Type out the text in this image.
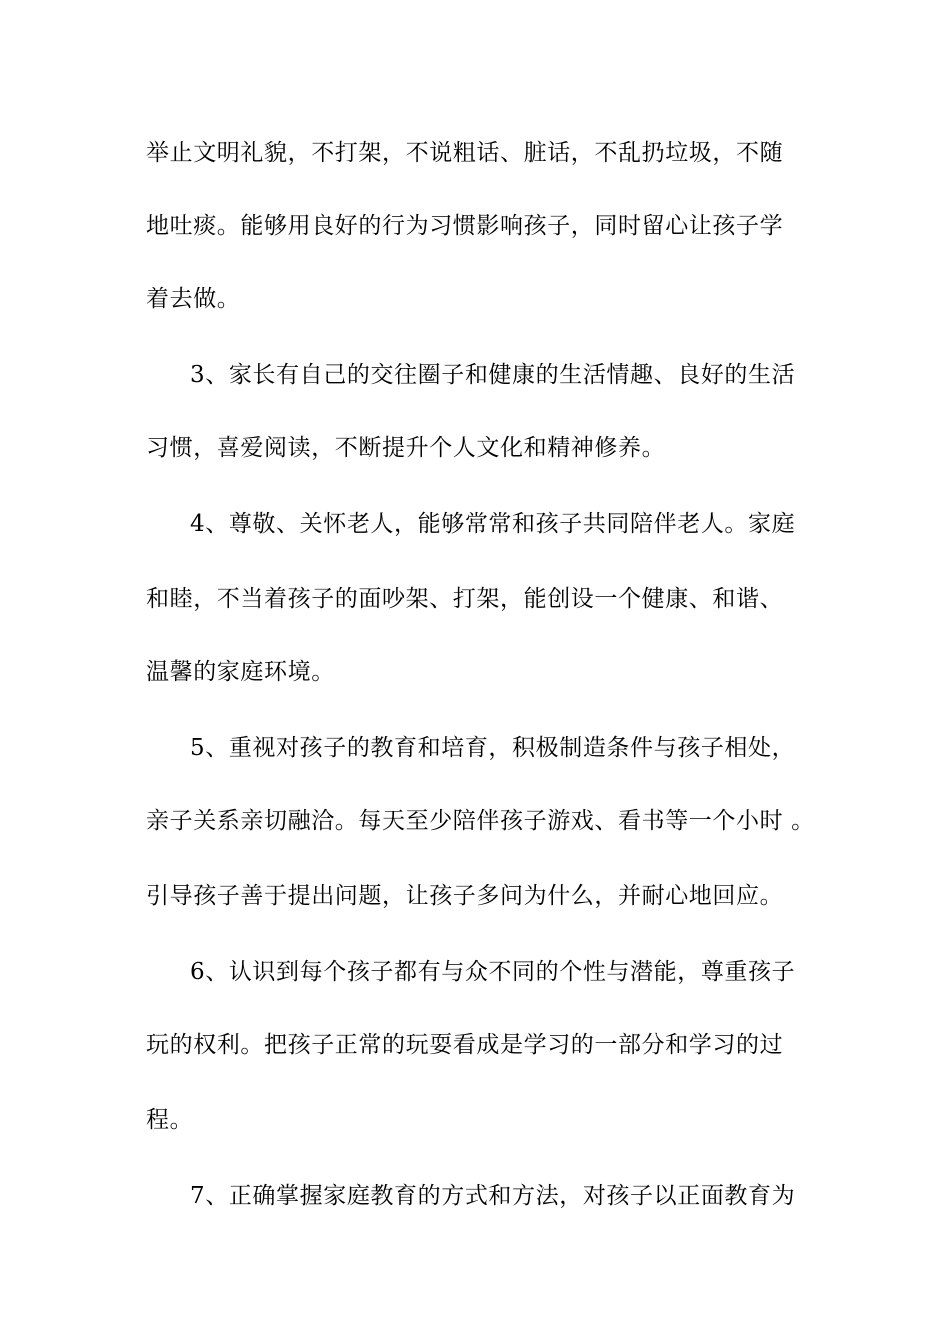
举止文明礼貌，不打架，不说粗话、脏话，不乱扔垃圾，不随
地吐痰。能够用良好的行为习惯影响孩子，同时留心让孩子学
着去做。
3、家长有自己的交往圈子和健康的生活情趣、良好的生活
习惯，喜爱阅读，不断提升个人文化和精神修养。
4、尊敬、关怀老人，能够常常和孩子共同陪伴老人。家庭
和睦，不当着孩子的面吵架、打架，能创设一个健康、和谐、
温馨的家庭环境。
5、重视对孩子的教育和培育，积极制造条件与孩子相处，
亲子关系亲切融洽。每天至少陪伴孩子游戏、看书等一个小时 。
引导孩子善于提出问题，让孩子多问为什么，并耐心地回应。
6、认识到每个孩子都有与众不同的个性与潜能，尊重孩子
玩的权利。把孩子正常的玩耍看成是学习的一部分和学习的过
程。
7、正确掌握家庭教育的方式和方法，对孩子以正面教育为
